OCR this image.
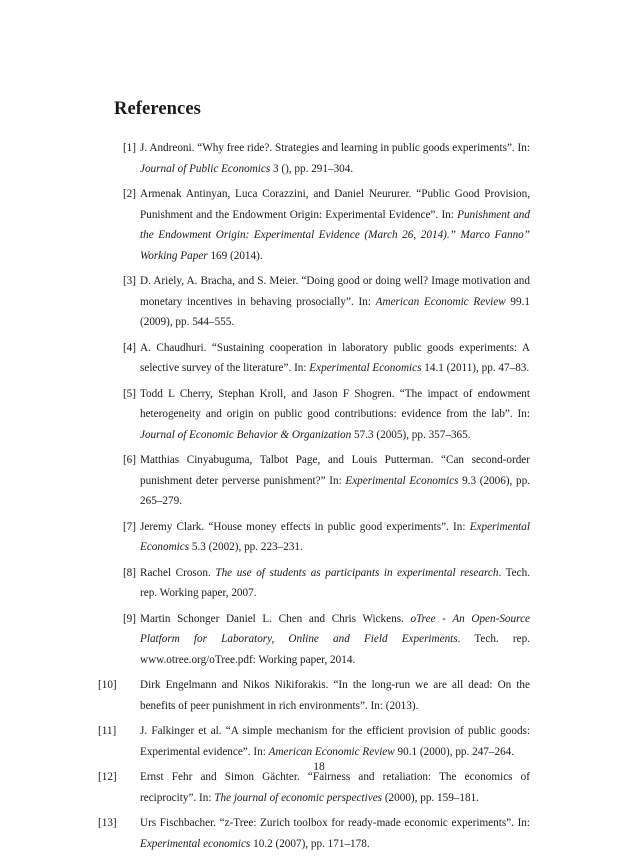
References
[1] J. Andreoni. “Why free ride?. Strategies and learning in public goods experiments”. In: Journal of Public Economics 3 (), pp. 291–304.
[2] Armenak Antinyan, Luca Corazzini, and Daniel Neururer. “Public Good Provision, Punishment and the Endowment Origin: Experimental Evidence”. In: Punishment and the Endowment Origin: Experimental Evidence (March 26, 2014).” Marco Fanno” Working Paper 169 (2014).
[3] D. Ariely, A. Bracha, and S. Meier. “Doing good or doing well? Image motivation and monetary incentives in behaving prosocially”. In: American Economic Review 99.1 (2009), pp. 544–555.
[4] A. Chaudhuri. “Sustaining cooperation in laboratory public goods experiments: A selective survey of the literature”. In: Experimental Economics 14.1 (2011), pp. 47–83.
[5] Todd L Cherry, Stephan Kroll, and Jason F Shogren. “The impact of endowment heterogeneity and origin on public good contributions: evidence from the lab”. In: Journal of Economic Behavior & Organization 57.3 (2005), pp. 357–365.
[6] Matthias Cinyabuguma, Talbot Page, and Louis Putterman. “Can second-order punishment deter perverse punishment?” In: Experimental Economics 9.3 (2006), pp. 265–279.
[7] Jeremy Clark. “House money effects in public good experiments”. In: Experimental Economics 5.3 (2002), pp. 223–231.
[8] Rachel Croson. The use of students as participants in experimental research. Tech. rep. Working paper, 2007.
[9] Martin Schonger Daniel L. Chen and Chris Wickens. oTree - An Open-Source Platform for Laboratory, Online and Field Experiments. Tech. rep. www.otree.org/oTree.pdf: Working paper, 2014.
[10]	Dirk Engelmann and Nikos Nikiforakis. “In the long-run we are all dead: On the benefits of peer punishment in rich environments”. In: (2013).
[11]	J. Falkinger et al. “A simple mechanism for the efficient provision of public goods: Experimental evidence”. In: American Economic Review 90.1 (2000), pp. 247–264.
[12]	Ernst Fehr and Simon Gächter. “Fairness and retaliation: The economics of reciprocity”. In: The journal of economic perspectives (2000), pp. 159–181.
[13]	Urs Fischbacher. “z-Tree: Zurich toolbox for ready-made economic experiments”. In: Experimental economics 10.2 (2007), pp. 171–178.
18
